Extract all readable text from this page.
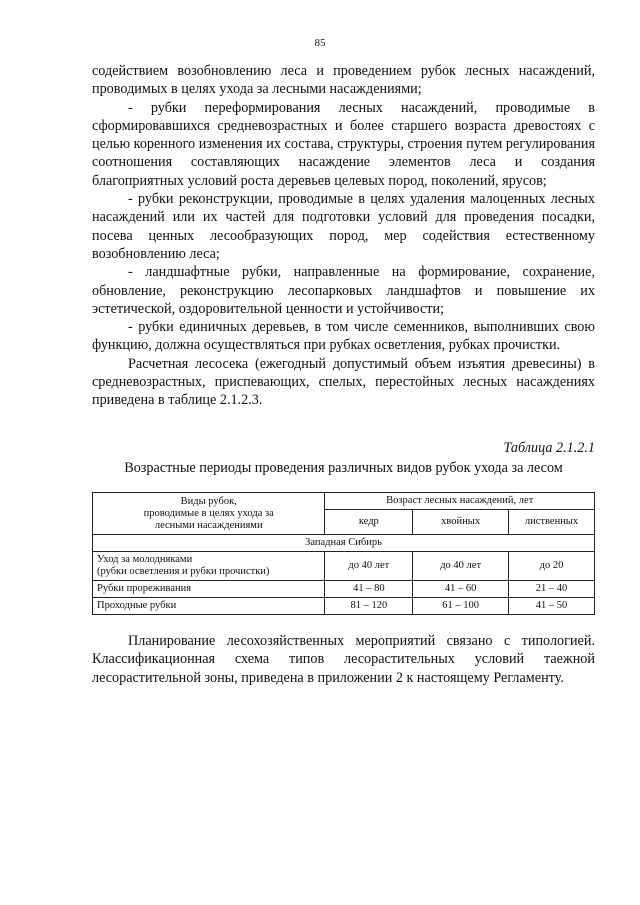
85

содействием возобновлению леса и проведением рубок лесных насаждений, проводимых в целях ухода за лесными насаждениями;

- рубки переформирования лесных насаждений, проводимые в сформировавшихся средневозрастных и более старшего возраста древостоях с целью коренного изменения их состава, структуры, строения путем регулирования соотношения составляющих насаждение элементов леса и создания благоприятных условий роста деревьев целевых пород, поколений, ярусов;

- рубки реконструкции, проводимые в целях удаления малоценных лесных насаждений или их частей для подготовки условий для проведения посадки, посева ценных лесообразующих пород, мер содействия естественному возобновлению леса;

- ландшафтные рубки, направленные на формирование, сохранение, обновление, реконструкцию лесопарковых ландшафтов и повышение их эстетической, оздоровительной ценности и устойчивости;

- рубки единичных деревьев, в том числе семенников, выполнивших свою функцию, должна осуществляться при рубках осветления, рубках прочистки.

Расчетная лесосека (ежегодный допустимый объем изъятия древесины) в средневозрастных, приспевающих, спелых, перестойных лесных насаждениях приведена в таблице 2.1.2.3.

Таблица 2.1.2.1
Возрастные периоды проведения различных видов рубок ухода за лесом
Виды рубок,
проводимые в целях ухода за
лесными насаждениями	Возраст лесных насаждений, лет		
	кедр	хвойных	лиственных
Западная Сибирь			
Уход за молодняками
(рубки осветления и рубки прочистки)	до 40 лет	до 40 лет	до 20
Рубки прореживания	41 – 80	41 – 60	21 – 40
Проходные рубки	81 – 120	61 – 100	41 – 50

Планирование лесохозяйственных мероприятий связано с типологией. Классификационная схема типов лесорастительных условий таежной лесорастительной зоны, приведена в приложении 2 к настоящему Регламенту.
